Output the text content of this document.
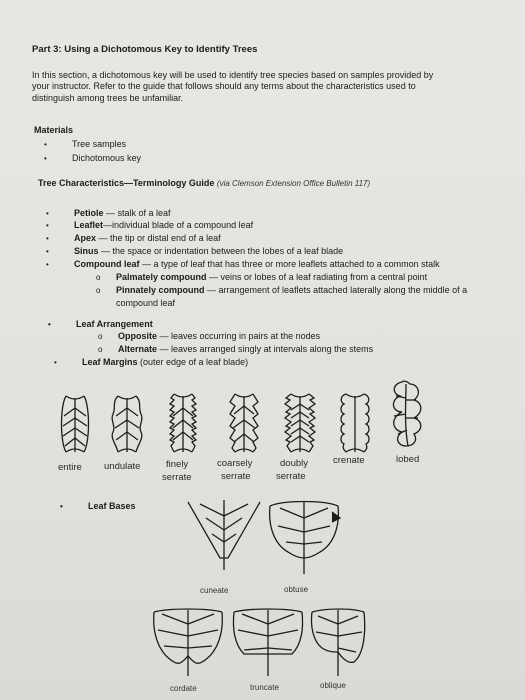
Part 3: Using a Dichotomous Key to Identify Trees
In this section, a dichotomous key will be used to identify tree species based on samples provided by
your instructor. Refer to the guide that follows should any terms about the characteristics used to
distinguish among trees be unfamiliar.
Materials
• Tree samples
• Dichotomous key
Tree Characteristics—Terminology Guide (via Clemson Extension Office Bulletin 117)
• Petiole — stalk of a leaf
• Leaflet—individual blade of a compound leaf
• Apex — the tip or distal end of a leaf
• Sinus — the space or indentation between the lobes of a leaf blade
• Compound leaf — a type of leaf that has three or more leaflets attached to a common stalk
o Palmately compound — veins or lobes of a leaf radiating from a central point
o Pinnately compound — arrangement of leaflets attached laterally along the middle of a
compound leaf
• Leaf Arrangement
o Opposite — leaves occurring in pairs at the nodes
o Alternate — leaves arranged singly at intervals along the stems
• Leaf Margins (outer edge of a leaf blade)
entire undulate	finely
serrate
coarsely
serrate
doubly
serrate
crenate	lobed
• Leaf Bases
cuneate	obtuse
cordate	truncate	oblique
